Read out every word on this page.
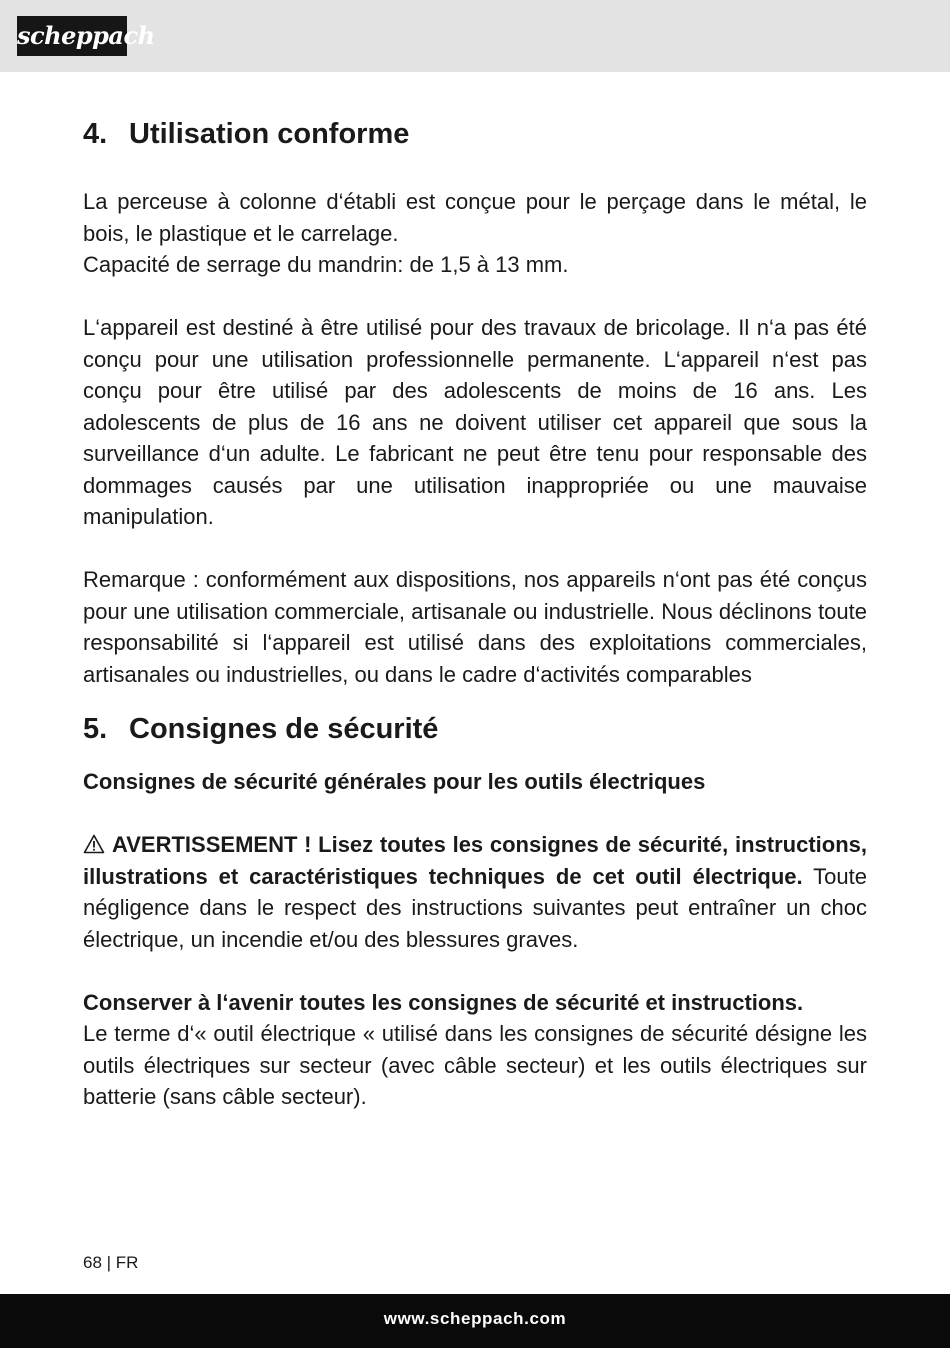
scheppach
4. Utilisation conforme

La perceuse à colonne d‘établi est conçue pour le perçage dans le métal, le bois, le plastique et le carrelage.

Capacité de serrage du mandrin: de 1,5 à 13 mm.

L‘appareil est destiné à être utilisé pour des travaux de bricolage. Il n‘a pas été conçu pour une utilisation professionnelle permanente. L‘appareil n‘est pas conçu pour être utilisé par des adolescents de moins de 16 ans. Les adolescents de plus de 16 ans ne doivent utiliser cet appareil que sous la surveillance d‘un adulte. Le fabricant ne peut être tenu pour responsable des dommages causés par une utilisation inappropriée ou une mauvaise manipulation.

Remarque : conformément aux dispositions, nos appareils n‘ont pas été conçus pour une utilisation commerciale, artisanale ou industrielle. Nous déclinons toute responsabilité si l‘appareil est utilisé dans des exploitations commerciales, artisanales ou industrielles, ou dans le cadre d‘activités comparables

5. Consignes de sécurité

Consignes de sécurité générales pour les outils électriques

AVERTISSEMENT ! Lisez toutes les consignes de sécurité, instructions, illustrations et caractéristiques techniques de cet outil électrique. Toute négligence dans le respect des instructions suivantes peut entraîner un choc électrique, un incendie et/ou des blessures graves.

Conserver à l‘avenir toutes les consignes de sécurité et instructions.

Le terme d‘« outil électrique « utilisé dans les consignes de sécurité désigne les outils électriques sur secteur (avec câble secteur) et les outils électriques sur batterie (sans câble secteur).

68 | FR
www.scheppach.com
